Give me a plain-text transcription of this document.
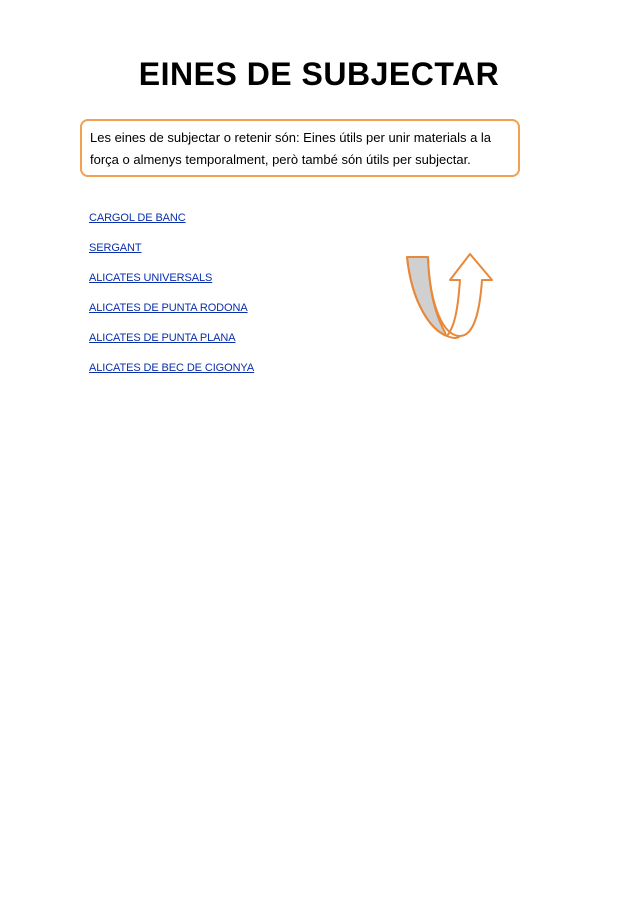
EINES DE SUBJECTAR
Les eines de subjectar o retenir són: Eines útils per unir materials a la força o almenys temporalment, però també són útils per subjectar.
CARGOL DE BANC
SERGANT
ALICATES UNIVERSALS
ALICATES DE PUNTA RODONA
ALICATES DE PUNTA PLANA
ALICATES DE BEC DE CIGONYA
